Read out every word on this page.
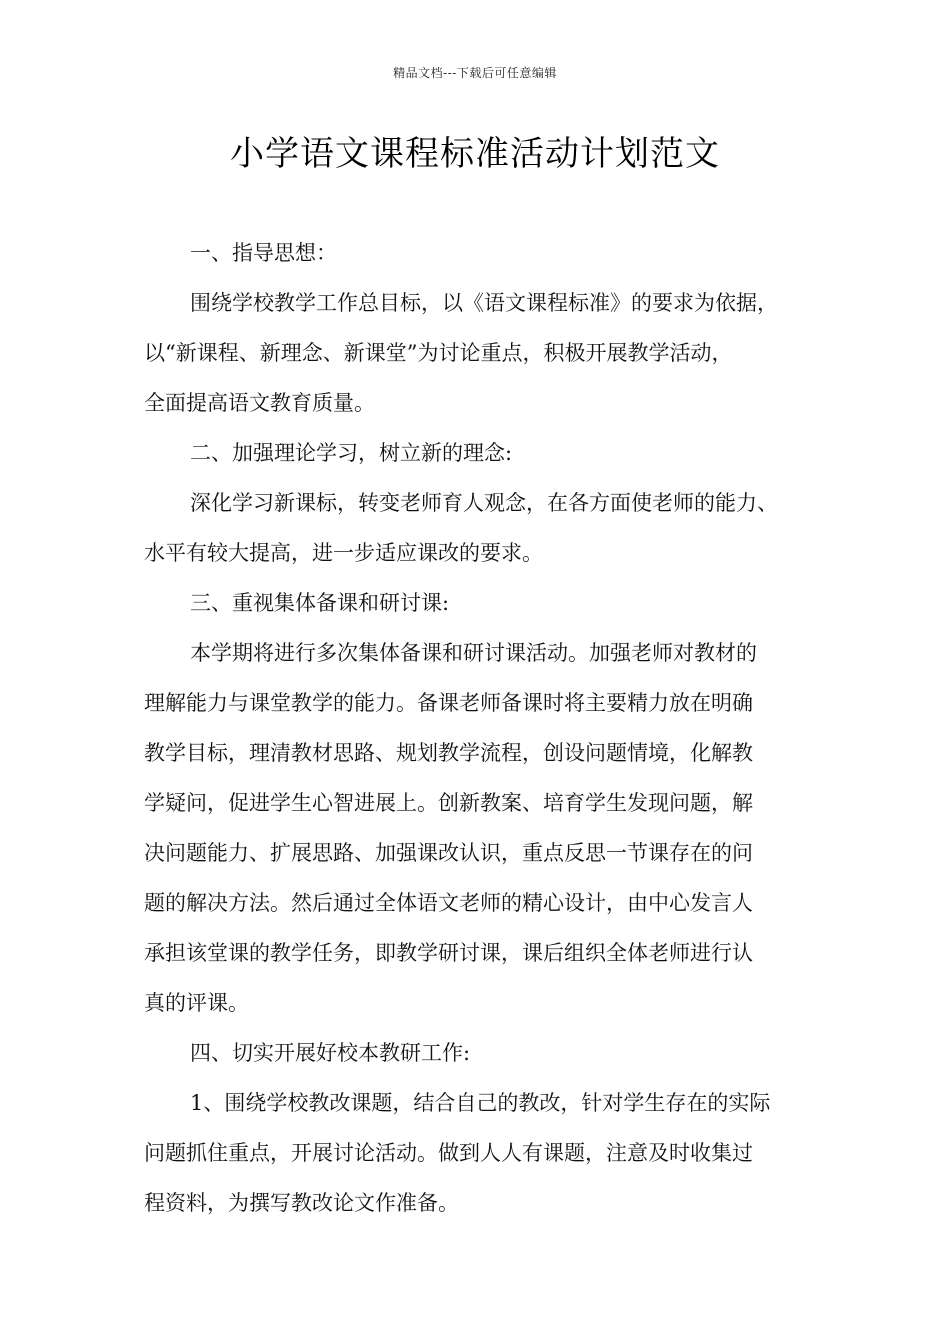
精品文档---下载后可任意编辑
小学语文课程标准活动计划范文
一、指导思想：
围绕学校教学工作总目标，以《语文课程标准》的要求为依据，
以“新课程、新理念、新课堂”为讨论重点，积极开展教学活动，
全面提高语文教育质量。
二、加强理论学习，树立新的理念:
深化学习新课标，转变老师育人观念，在各方面使老师的能力、
水平有较大提高，进一步适应课改的要求。
三、重视集体备课和研讨课:
本学期将进行多次集体备课和研讨课活动。加强老师对教材的
理解能力与课堂教学的能力。备课老师备课时将主要精力放在明确
教学目标，理清教材思路、规划教学流程，创设问题情境，化解教
学疑问，促进学生心智进展上。创新教案、培育学生发现问题，解
决问题能力、扩展思路、加强课改认识，重点反思一节课存在的问
题的解决方法。然后通过全体语文老师的精心设计，由中心发言人
承担该堂课的教学任务，即教学研讨课，课后组织全体老师进行认
真的评课。
四、切实开展好校本教研工作:
1、围绕学校教改课题，结合自己的教改，针对学生存在的实际
问题抓住重点，开展讨论活动。做到人人有课题，注意及时收集过
程资料，为撰写教改论文作准备。
